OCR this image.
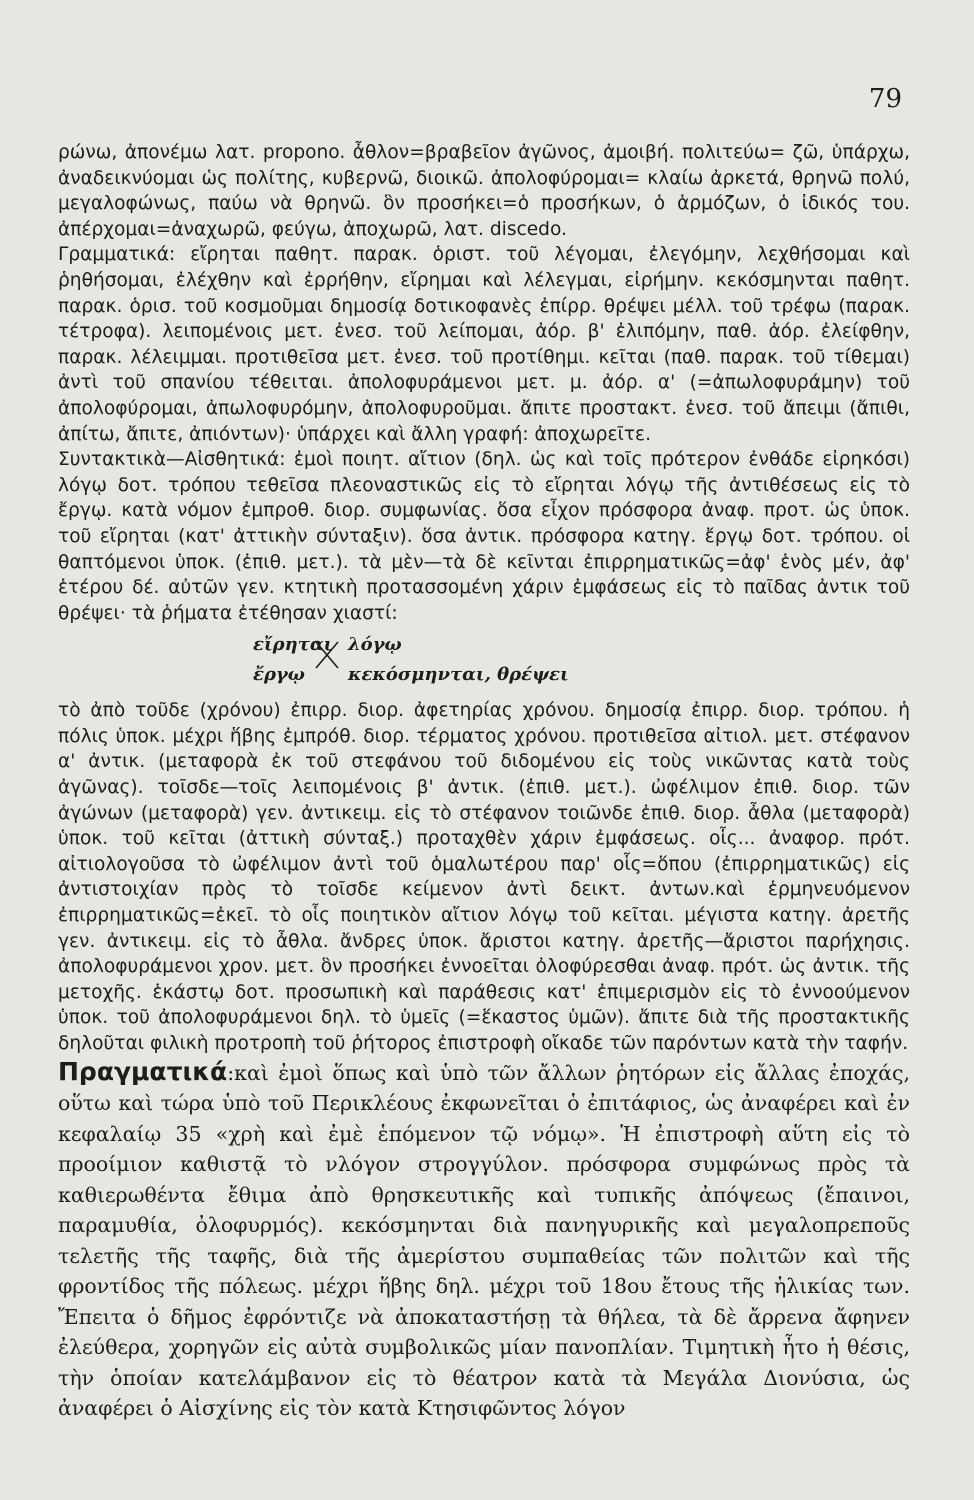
79

ρώνω, ἀπονέμω λατ. propono. ἆθλον=βραβεῖον ἀγῶνος, ἀμοιβή. πολιτεύω= ζῶ, ὑπάρχω, ἀναδεικνύομαι ὡς πολίτης, κυβερνῶ, διοικῶ. ἀπολοφύρομαι= κλαίω ἀρκετά, θρηνῶ πολύ, μεγαλοφώνως, παύω νὰ θρηνῶ. ὃν προσήκει=ὁ προσήκων, ὁ ἁρμόζων, ὁ ἰδικός του. ἀπέρχομαι=ἀναχωρῶ, φεύγω, ἀποχωρῶ, λατ. discedo.

Γραμματικά: εἴρηται παθητ. παρακ. ὁριστ. τοῦ λέγομαι, ἐλεγόμην, λεχθήσομαι καὶ ῥηθήσομαι, ἐλέχθην καὶ ἐρρήθην, εἴρημαι καὶ λέλεγμαι, εἰρήμην. κεκόσμηνται παθητ. παρακ. ὁρισ. τοῦ κοσμοῦμαι δημοσίᾳ δοτικοφανὲς ἐπίρρ. θρέψει μέλλ. τοῦ τρέφω (παρακ. τέτροφα). λειπομένοις μετ. ἐνεσ. τοῦ λείπομαι, ἀόρ. β' ἐλιπόμην, παθ. ἀόρ. ἐλείφθην, παρακ. λέλειμμαι. προτιθεῖσα μετ. ἐνεσ. τοῦ προτίθημι. κεῖται (παθ. παρακ. τοῦ τίθεμαι) ἀντὶ τοῦ σπανίου τέθειται. ἀπολοφυράμενοι μετ. μ. ἀόρ. α' (=ἀπωλοφυράμην) τοῦ ἀπολοφύρομαι, ἀπωλοφυρόμην, ἀπολοφυροῦμαι. ἄπιτε προστακτ. ἐνεσ. τοῦ ἄπειμι (ἄπιθι, ἀπίτω, ἄπιτε, ἀπιόντων)· ὑπάρχει καὶ ἄλλη γραφή: ἀποχωρεῖτε.

Συντακτικὰ—Αἰσθητικά: ἐμοὶ ποιητ. αἴτιον (δηλ. ὡς καὶ τοῖς πρότερον ἐνθάδε εἰρηκόσι) λόγῳ δοτ. τρόπου τεθεῖσα πλεοναστικῶς εἰς τὸ εἴρηται λόγῳ τῆς ἀντιθέσεως εἰς τὸ ἔργῳ. κατὰ νόμον ἐμπροθ. διορ. συμφωνίας. ὅσα εἶχον πρόσφορα ἀναφ. προτ. ὡς ὑποκ. τοῦ εἴρηται (κατ' ἀττικὴν σύνταξιν). ὅσα ἀντικ. πρόσφορα κατηγ. ἔργῳ δοτ. τρόπου. οἱ θαπτόμενοι ὑποκ. (ἐπιθ. μετ.). τὰ μὲν—τὰ δὲ κεῖνται ἐπιρρηματικῶς=ἀφ' ἑνὸς μέν, ἀφ' ἑτέρου δέ. αὐτῶν γεν. κτητικὴ προτασσομένη χάριν ἐμφάσεως εἰς τὸ παῖδας ἀντικ τοῦ θρέψει· τὰ ῥήματα ἐτέθησαν χιαστί:

εἴρηται λόγῳ
ἔργῳ κεκόσμηνται, θρέψει

τὸ ἀπὸ τοῦδε (χρόνου) ἐπιρρ. διορ. ἀφετηρίας χρόνου. δημοσίᾳ ἐπιρρ. διορ. τρόπου. ἡ πόλις ὑποκ. μέχρι ἥβης ἐμπρόθ. διορ. τέρματος χρόνου. προτιθεῖσα αἰτιολ. μετ. στέφανον α' ἀντικ. (μεταφορὰ ἐκ τοῦ στεφάνου τοῦ διδομένου εἰς τοὺς νικῶντας κατὰ τοὺς ἀγῶνας). τοῖσδε—τοῖς λειπομένοις β' ἀντικ. (ἐπιθ. μετ.). ὠφέλιμον ἐπιθ. διορ. τῶν ἀγώνων (μεταφορὰ) γεν. ἀντικειμ. εἰς τὸ στέφανον τοιῶνδε ἐπιθ. διορ. ἆθλα (μεταφορὰ) ὑποκ. τοῦ κεῖται (ἀττικὴ σύνταξ.) προταχθὲν χάριν ἐμφάσεως. οἷς... ἀναφορ. πρότ. αἰτιολογοῦσα τὸ ὠφέλιμον ἀντὶ τοῦ ὁμαλωτέρου παρ' οἷς=ὅπου (ἐπιρρηματικῶς) εἰς ἀντιστοιχίαν πρὸς τὸ τοῖσδε κείμενον ἀντὶ δεικτ. ἀντων.καὶ ἑρμηνευόμενον ἐπιρρηματικῶς=ἐκεῖ. τὸ οἷς ποιητικὸν αἴτιον λόγῳ τοῦ κεῖται. μέγιστα κατηγ. ἀρετῆς γεν. ἀντικειμ. εἰς τὸ ἆθλα. ἄνδρες ὑποκ. ἄριστοι κατηγ. ἀρετῆς—ἄριστοι παρήχησις. ἀπολοφυράμενοι χρον. μετ. ὃν προσήκει ἐννοεῖται ὀλοφύρεσθαι ἀναφ. πρότ. ὡς ἀντικ. τῆς μετοχῆς. ἑκάστῳ δοτ. προσωπικὴ καὶ παράθεσις κατ' ἐπιμερισμὸν εἰς τὸ ἐννοούμενον ὑποκ. τοῦ ἀπολοφυράμενοι δηλ. τὸ ὑμεῖς (=ἕκαστος ὑμῶν). ἄπιτε διὰ τῆς προστακτικῆς δηλοῦται φιλικὴ προτροπὴ τοῦ ῥήτορος ἐπιστροφὴ οἴκαδε τῶν παρόντων κατὰ τὴν ταφήν.

Πραγματικά:καὶ ἐμοὶ ὅπως καὶ ὑπὸ τῶν ἄλλων ῥητόρων εἰς ἄλλας ἐποχάς, οὕτω καὶ τώρα ὑπὸ τοῦ Περικλέους ἐκφωνεῖται ὁ ἐπιτάφιος, ὡς ἀναφέρει καὶ ἐν κεφαλαίῳ 35 «χρὴ καὶ ἐμὲ ἑπόμενον τῷ νόμῳ». Ἡ ἐπιστροφὴ αὕτη εἰς τὸ προοίμιον καθιστᾷ τὸ νλόγον στρογγύλον. πρόσφορα συμφώνως πρὸς τὰ καθιερωθέντα ἔθιμα ἀπὸ θρησκευτικῆς καὶ τυπικῆς ἀπόψεως (ἔπαινοι, παραμυθία, ὀλοφυρμός). κεκόσμηνται διὰ πανηγυρικῆς καὶ μεγαλοπρεποῦς τελετῆς τῆς ταφῆς, διὰ τῆς ἀμερίστου συμπαθείας τῶν πολιτῶν καὶ τῆς φροντίδος τῆς πόλεως. μέχρι ἥβης δηλ. μέχρι τοῦ 18ου ἔτους τῆς ἡλικίας των. Ἔπειτα ὁ δῆμος ἐφρόντιζε νὰ ἀποκαταστήσῃ τὰ θήλεα, τὰ δὲ ἄρρενα ἄφηνεν ἐλεύθερα, χορηγῶν εἰς αὐτὰ συμβολικῶς μίαν πανοπλίαν. Τιμητικὴ ἦτο ἡ θέσις, τὴν ὁποίαν κατελάμβανον εἰς τὸ θέατρον κατὰ τὰ Μεγάλα Διονύσια, ὡς ἀναφέρει ὁ Αἰσχίνης εἰς τὸν κατὰ Κτησιφῶντος λόγον
